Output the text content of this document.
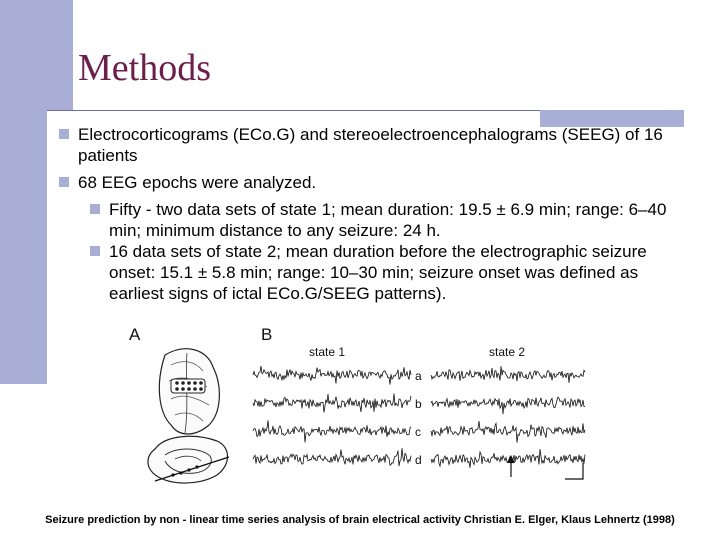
Methods
Electrocorticograms (ECo.G) and stereoelectroencephalograms (SEEG) of 16 patients
68 EEG epochs were analyzed.
Fifty - two data sets of state 1; mean duration: 19.5 ± 6.9 min; range: 6–40 min; minimum distance to any seizure: 24 h.
16 data sets of state 2; mean duration before the electrographic seizure onset: 15.1 ± 5.8 min; range: 10–30 min; seizure onset was defined as earliest signs of ictal ECo.G/SEEG patterns).
A	B
state 1	state 2
a
b
c
d
Seizure prediction by non - linear time series analysis of brain electrical activity Christian E. Elger, Klaus Lehnertz (1998)
